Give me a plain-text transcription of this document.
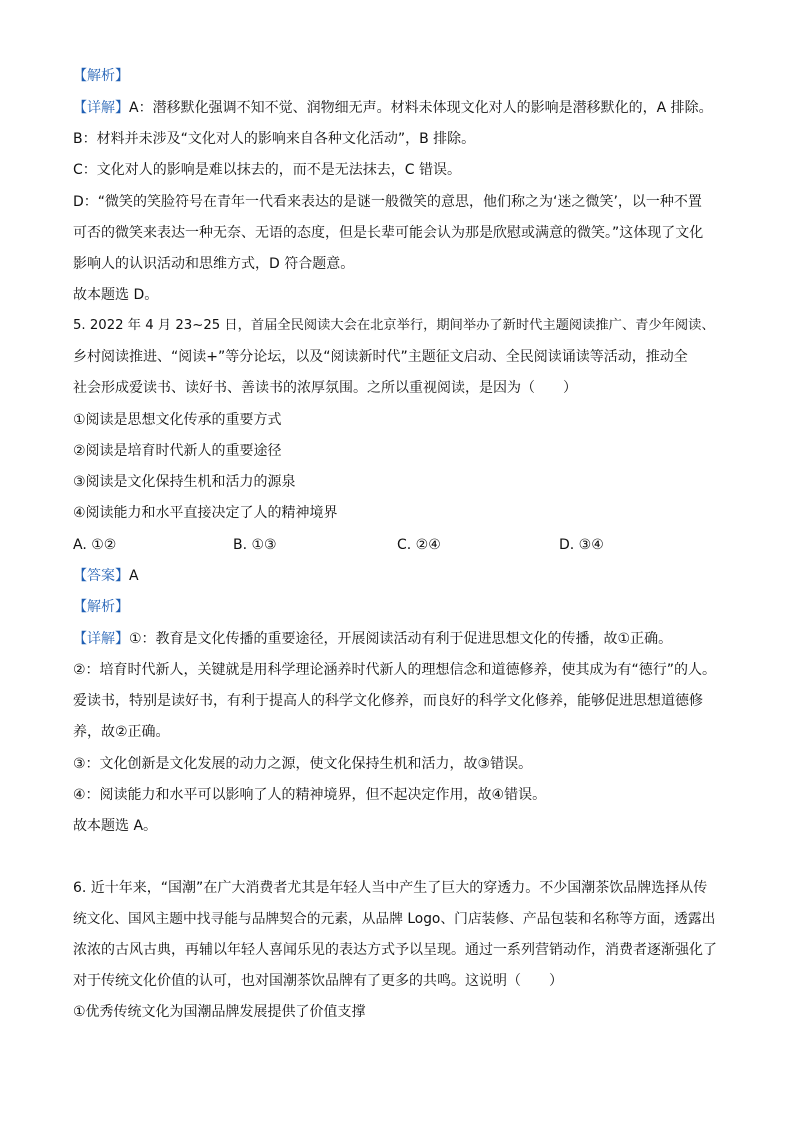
【解析】
【详解】A：潜移默化强调不知不觉、润物细无声。材料未体现文化对人的影响是潜移默化的，A 排除。
B：材料并未涉及“文化对人的影响来自各种文化活动”，B 排除。
C：文化对人的影响是难以抹去的，而不是无法抹去，C 错误。
D：“微笑的笑脸符号在青年一代看来表达的是谜一般微笑的意思，他们称之为‘迷之微笑’，以一种不置
可否的微笑来表达一种无奈、无语的态度，但是长辈可能会认为那是欣慰或满意的微笑。”这体现了文化
影响人的认识活动和思维方式，D 符合题意。
故本题选 D。
5. 2022 年 4 月 23~25 日，首届全民阅读大会在北京举行，期间举办了新时代主题阅读推广、青少年阅读、
乡村阅读推进、“阅读+”等分论坛，以及“阅读新时代”主题征文启动、全民阅读诵读等活动，推动全
社会形成爱读书、读好书、善读书的浓厚氛围。之所以重视阅读，是因为（　　）
①阅读是思想文化传承的重要方式
②阅读是培育时代新人的重要途径
③阅读是文化保持生机和活力的源泉
④阅读能力和水平直接决定了人的精神境界
A. ①②	B. ①③	C. ②④	D. ③④
【答案】A
【解析】
【详解】①：教育是文化传播的重要途径，开展阅读活动有利于促进思想文化的传播，故①正确。
②：培育时代新人，关键就是用科学理论涵养时代新人的理想信念和道德修养，使其成为有“德行”的人。
爱读书，特别是读好书，有利于提高人的科学文化修养，而良好的科学文化修养，能够促进思想道德修
养，故②正确。
③：文化创新是文化发展的动力之源，使文化保持生机和活力，故③错误。
④：阅读能力和水平可以影响了人的精神境界，但不起决定作用，故④错误。
故本题选 A。
6. 近十年来，“国潮”在广大消费者尤其是年轻人当中产生了巨大的穿透力。不少国潮茶饮品牌选择从传
统文化、国风主题中找寻能与品牌契合的元素，从品牌 Logo、门店装修、产品包装和名称等方面，透露出
浓浓的古风古典，再辅以年轻人喜闻乐见的表达方式予以呈现。通过一系列营销动作，消费者逐渐强化了
对于传统文化价值的认可，也对国潮茶饮品牌有了更多的共鸣。这说明（　　）
①优秀传统文化为国潮品牌发展提供了价值支撑
